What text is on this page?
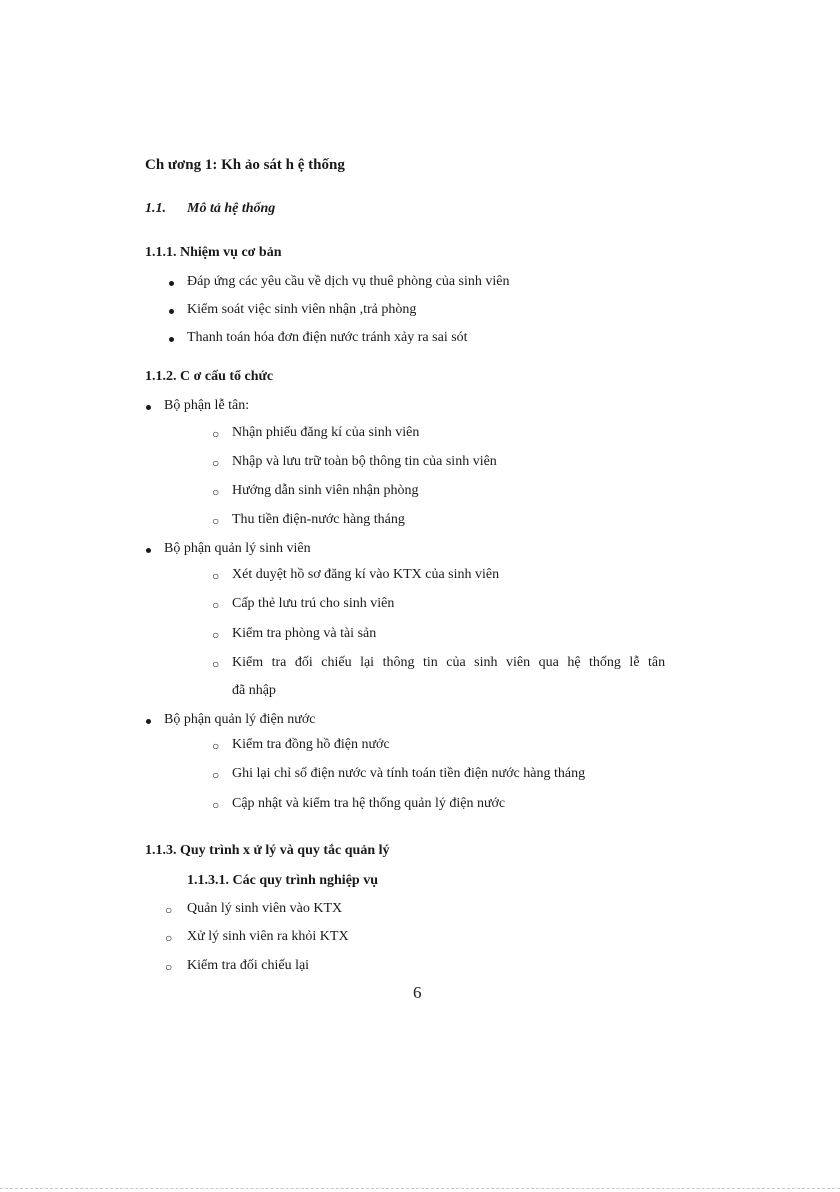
Ch ương 1: Kh ảo sát h ệ thống
1.1. Mô tả hệ thống
1.1.1. Nhiệm vụ cơ bản
Đáp ứng các yêu cầu về dịch vụ thuê phòng của sinh viên
Kiểm soát việc sinh viên nhận ,trả phòng
Thanh toán hóa đơn điện nước tránh xảy ra sai sót
1.1.2. C ơ cấu tổ chức
Bộ phận lễ tân:
○ Nhận phiếu đăng kí của sinh viên
○ Nhập và lưu trữ toàn bộ thông tin của sinh viên
○ Hướng dẫn sinh viên nhận phòng
○ Thu tiền điện-nước hàng tháng
Bộ phận quản lý sinh viên
○ Xét duyệt hồ sơ đăng kí vào KTX của sinh viên
○ Cấp thẻ lưu trú cho sinh viên
○ Kiểm tra phòng và tài sản
○ Kiểm tra đối chiếu lại thông tin của sinh viên qua hệ thống lễ tân
đã nhập
Bộ phận quản lý điện nước
○ Kiểm tra đồng hồ điện nước
○ Ghi lại chỉ số điện nước và tính toán tiền điện nước hàng tháng
○ Cập nhật và kiểm tra hệ thống quản lý điện nước
1.1.3. Quy trình x ử lý và quy tắc quản lý
1.1.3.1. Các quy trình nghiệp vụ
○ Quản lý sinh viên vào KTX
○ Xử lý sinh viên ra khỏi KTX
○ Kiểm tra đối chiếu lại
6
